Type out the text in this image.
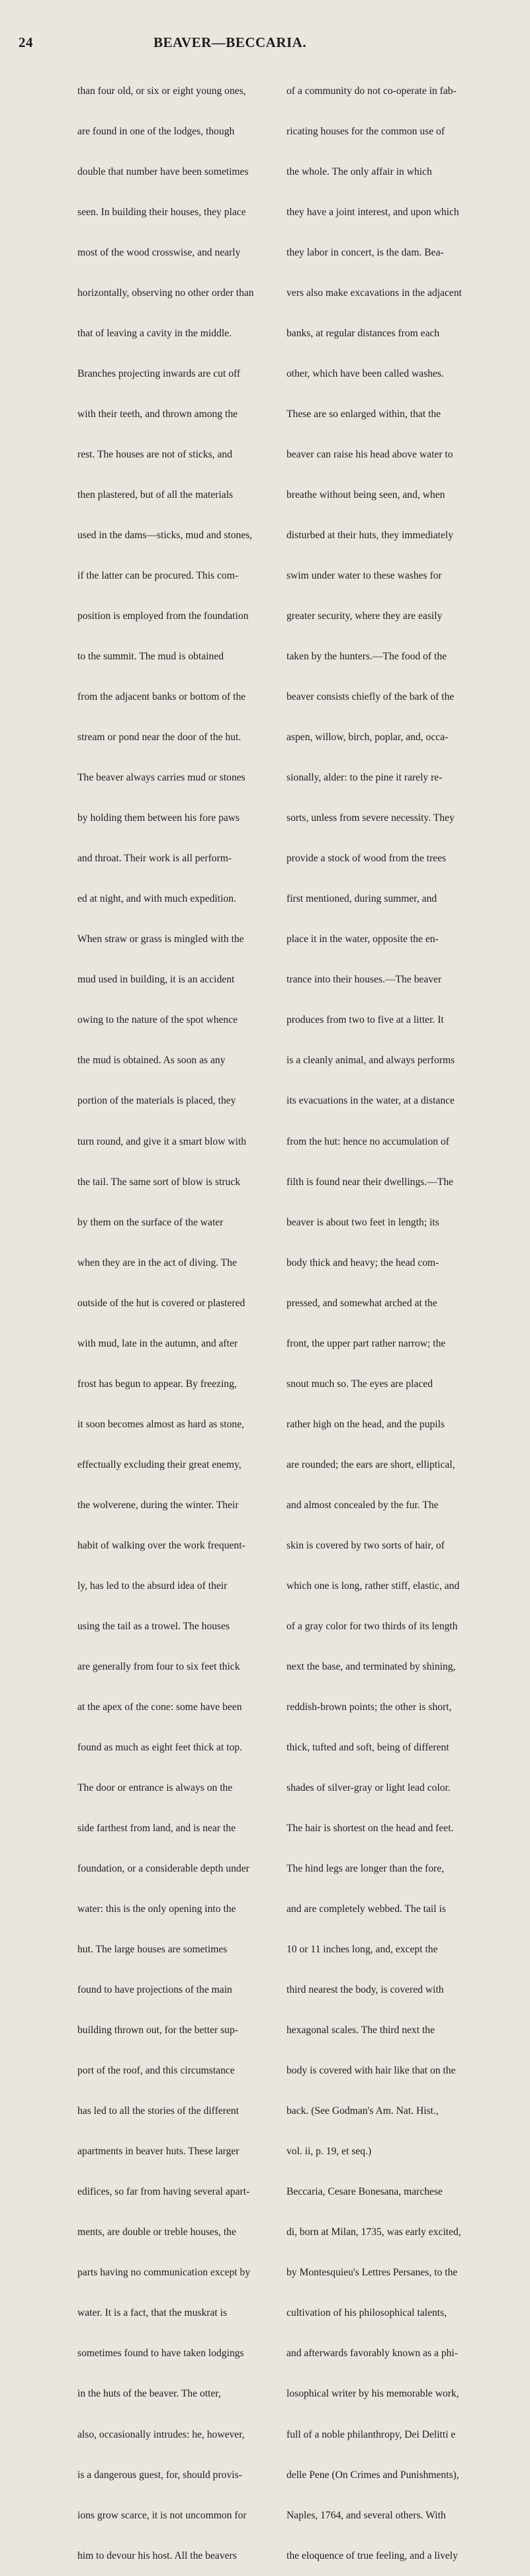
24	BEAVER—BECCARIA.

than four old, or six or eight young ones,

are found in one of the lodges, though

double that number have been sometimes

seen. In building their houses, they place

most of the wood crosswise, and nearly

horizontally, observing no other order than

that of leaving a cavity in the middle.

Branches projecting inwards are cut off

with their teeth, and thrown among the

rest. The houses are not of sticks, and

then plastered, but of all the materials

used in the dams—sticks, mud and stones,

if the latter can be procured. This com-

position is employed from the foundation

to the summit. The mud is obtained

from the adjacent banks or bottom of the

stream or pond near the door of the hut.

The beaver always carries mud or stones

by holding them between his fore paws

and throat. Their work is all perform-

ed at night, and with much expedition.

When straw or grass is mingled with the

mud used in building, it is an accident

owing to the nature of the spot whence

the mud is obtained. As soon as any

portion of the materials is placed, they

turn round, and give it a smart blow with

the tail. The same sort of blow is struck

by them on the surface of the water

when they are in the act of diving. The

outside of the hut is covered or plastered

with mud, late in the autumn, and after

frost has begun to appear. By freezing,

it soon becomes almost as hard as stone,

effectually excluding their great enemy,

the wolverene, during the winter. Their

habit of walking over the work frequent-

ly, has led to the absurd idea of their

using the tail as a trowel. The houses

are generally from four to six feet thick

at the apex of the cone: some have been

found as much as eight feet thick at top.

The door or entrance is always on the

side farthest from land, and is near the

foundation, or a considerable depth under

water: this is the only opening into the

hut. The large houses are sometimes

found to have projections of the main

building thrown out, for the better sup-

port of the roof, and this circumstance

has led to all the stories of the different

apartments in beaver huts. These larger

edifices, so far from having several apart-

ments, are double or treble houses, the

parts having no communication except by

water. It is a fact, that the muskrat is

sometimes found to have taken lodgings

in the huts of the beaver. The otter,

also, occasionally intrudes: he, however,

is a dangerous guest, for, should provis-

ions grow scarce, it is not uncommon for

him to devour his host. All the beavers

of a community do not co-operate in fab-

ricating houses for the common use of

the whole. The only affair in which

they have a joint interest, and upon which

they labor in concert, is the dam. Bea-

vers also make excavations in the adjacent

banks, at regular distances from each

other, which have been called washes.

These are so enlarged within, that the

beaver can raise his head above water to

breathe without being seen, and, when

disturbed at their huts, they immediately

swim under water to these washes for

greater security, where they are easily

taken by the hunters.—The food of the

beaver consists chiefly of the bark of the

aspen, willow, birch, poplar, and, occa-

sionally, alder: to the pine it rarely re-

sorts, unless from severe necessity. They

provide a stock of wood from the trees

first mentioned, during summer, and

place it in the water, opposite the en-

trance into their houses.—The beaver

produces from two to five at a litter. It

is a cleanly animal, and always performs

its evacuations in the water, at a distance

from the hut: hence no accumulation of

filth is found near their dwellings.—The

beaver is about two feet in length; its

body thick and heavy; the head com-

pressed, and somewhat arched at the

front, the upper part rather narrow; the

snout much so. The eyes are placed

rather high on the head, and the pupils

are rounded; the ears are short, elliptical,

and almost concealed by the fur. The

skin is covered by two sorts of hair, of

which one is long, rather stiff, elastic, and

of a gray color for two thirds of its length

next the base, and terminated by shining,

reddish-brown points; the other is short,

thick, tufted and soft, being of different

shades of silver-gray or light lead color.

The hair is shortest on the head and feet.

The hind legs are longer than the fore,

and are completely webbed. The tail is

10 or 11 inches long, and, except the

third nearest the body, is covered with

hexagonal scales. The third next the

body is covered with hair like that on the

back. (See Godman's Am. Nat. Hist.,

vol. ii, p. 19, et seq.)

Beccaria, Cesare Bonesana, marchese

di, born at Milan, 1735, was early excited,

by Montesquieu's Lettres Persanes, to the

cultivation of his philosophical talents,

and afterwards favorably known as a phi-

losophical writer by his memorable work,

full of a noble philanthropy, Dei Delitti e

delle Pene (On Crimes and Punishments),

Naples, 1764, and several others. With

the eloquence of true feeling, and a lively
